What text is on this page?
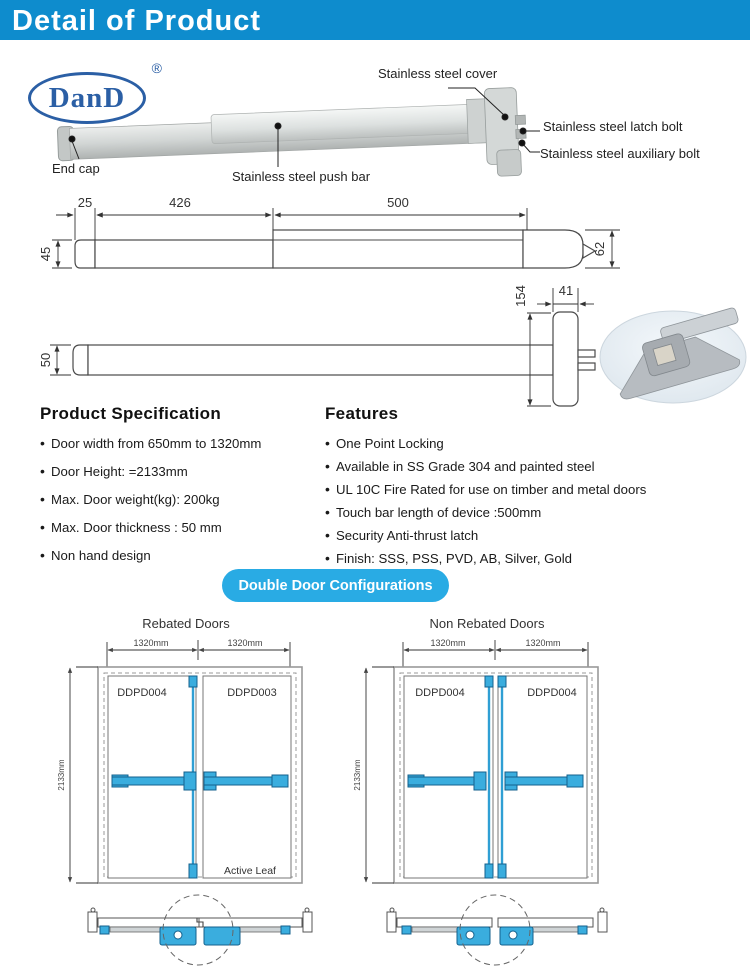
Detail of Product
DanD
®	Stainless steel cover
Stainless steel latch bolt
Stainless steel auxiliary bolt
End cap
Stainless steel push bar
25	426	500
45	62
154 41
50
Product Specification
• Door width from 650mm to 1320mm
• Door Height: =2133mm
• Max. Door weight(kg): 200kg
• Max. Door thickness : 50 mm
• Non hand design
Features
• One Point Locking
• Available in SS Grade 304 and painted steel
• UL 10C Fire Rated for use on timber and metal doors
• Touch bar length of device :500mm
• Security Anti-thrust latch
• Finish: SSS, PSS, PVD, AB, Silver, Gold
Double Door Configurations
Rebated Doors
1320mm	1320mm
DDPD004	DDPD003
2133mm
Active Leaf
Non Rebated Doors
1320mm	1320mm
DDPD004	DDPD004
2133mm
